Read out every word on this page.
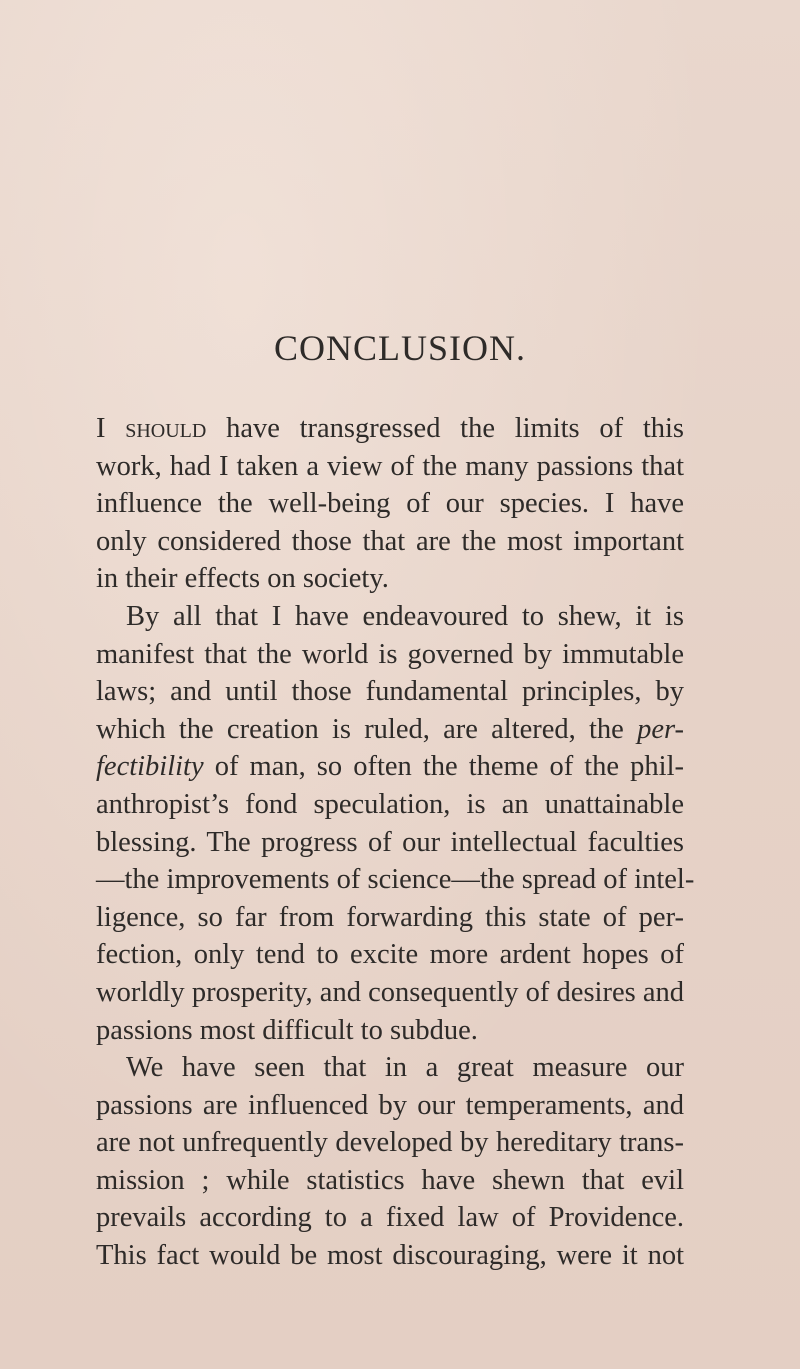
CONCLUSION.
I should have transgressed the limits of this
work, had I taken a view of the many passions that
influence the well-being of our species. I have
only considered those that are the most important
in their effects on society.
By all that I have endeavoured to shew, it is
manifest that the world is governed by immutable
laws; and until those fundamental principles, by
which the creation is ruled, are altered, the per-
fectibility of man, so often the theme of the phil-
anthropist’s fond speculation, is an unattainable
blessing. The progress of our intellectual faculties
—the improvements of science—the spread of intel-
ligence, so far from forwarding this state of per-
fection, only tend to excite more ardent hopes of
worldly prosperity, and consequently of desires and
passions most difficult to subdue.
We have seen that in a great measure our
passions are influenced by our temperaments, and
are not unfrequently developed by hereditary trans-
mission ; while statistics have shewn that evil
prevails according to a fixed law of Providence.
This fact would be most discouraging, were it not
